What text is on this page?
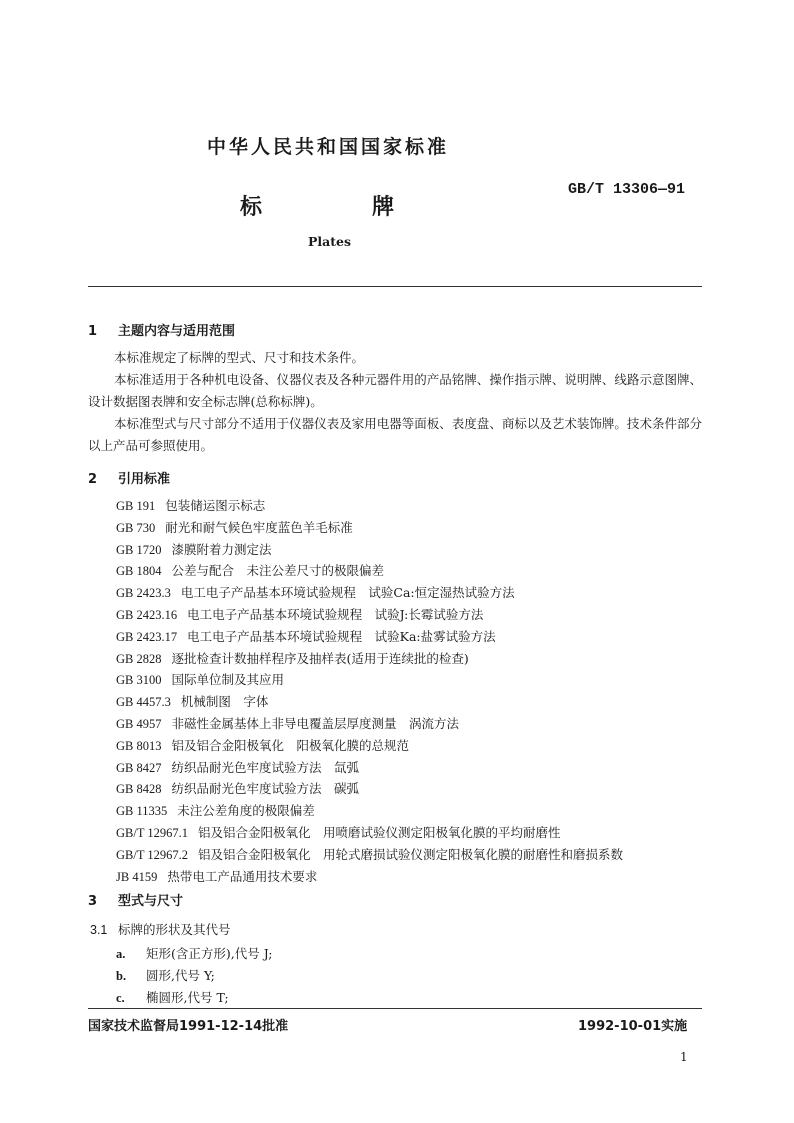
中华人民共和国国家标准
标牌
GB/T 13306—91
Plates
1 主题内容与适用范围
本标准规定了标牌的型式、尺寸和技术条件。
本标准适用于各种机电设备、仪器仪表及各种元器件用的产品铭牌、操作指示牌、说明牌、线路示意图牌、设计数据图表牌和安全标志牌(总称标牌)。
本标准型式与尺寸部分不适用于仪器仪表及家用电器等面板、表度盘、商标以及艺术装饰牌。技术条件部分以上产品可参照使用。
2 引用标准
GB 191 包装储运图示标志
GB 730 耐光和耐气候色牢度蓝色羊毛标准
GB 1720 漆膜附着力测定法
GB 1804 公差与配合　未注公差尺寸的极限偏差
GB 2423.3 电工电子产品基本环境试验规程　试验Ca:恒定湿热试验方法
GB 2423.16 电工电子产品基本环境试验规程　试验J:长霉试验方法
GB 2423.17 电工电子产品基本环境试验规程　试验Ka:盐雾试验方法
GB 2828 逐批检查计数抽样程序及抽样表(适用于连续批的检查)
GB 3100 国际单位制及其应用
GB 4457.3 机械制图　字体
GB 4957 非磁性金属基体上非导电覆盖层厚度测量　涡流方法
GB 8013 铝及铝合金阳极氧化　阳极氧化膜的总规范
GB 8427 纺织品耐光色牢度试验方法　氙弧
GB 8428 纺织品耐光色牢度试验方法　碳弧
GB 11335 未注公差角度的极限偏差
GB/T 12967.1 铝及铝合金阳极氧化　用喷磨试验仪测定阳极氧化膜的平均耐磨性
GB/T 12967.2 铝及铝合金阳极氧化　用轮式磨损试验仪测定阳极氧化膜的耐磨性和磨损系数
JB 4159 热带电工产品通用技术要求
3 型式与尺寸
3.1 标牌的形状及其代号
a. 矩形(含正方形),代号 J;
b. 圆形,代号 Y;
c. 椭圆形,代号 T;
国家技术监督局1991-12-14批准	1992-10-01实施
1
